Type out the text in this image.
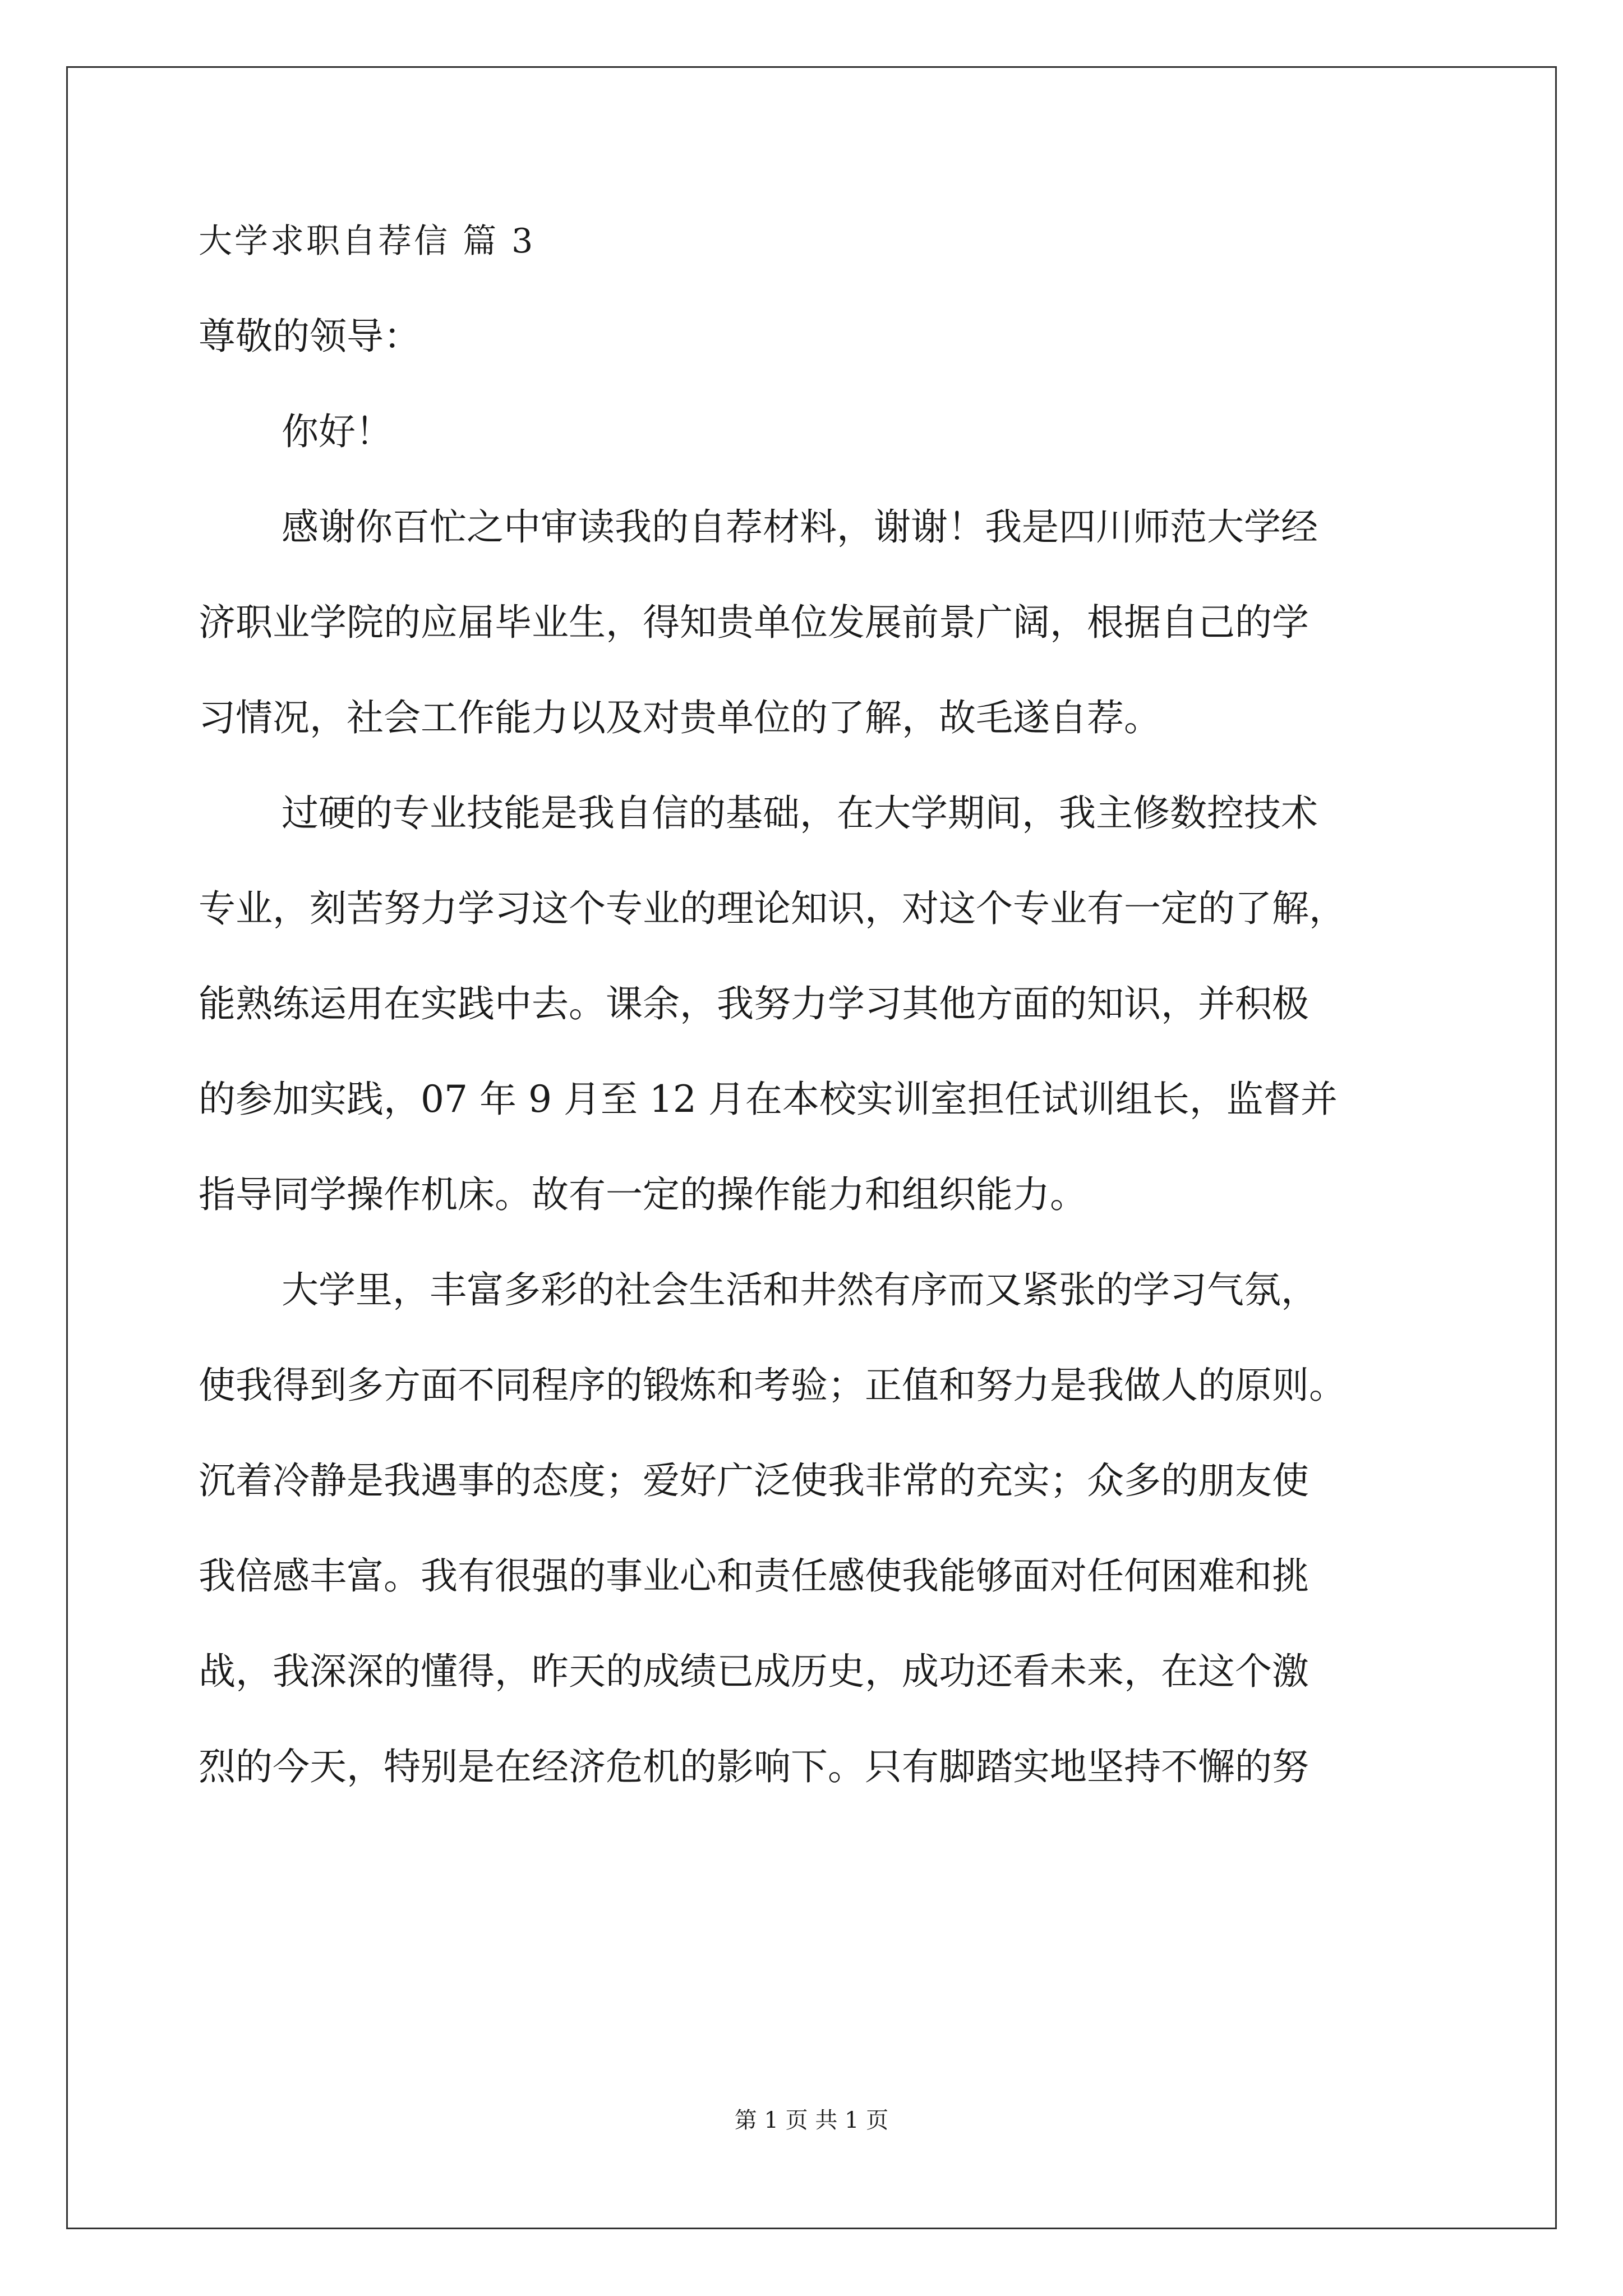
大学求职自荐信 篇 3

尊敬的领导：

你好！

感谢你百忙之中审读我的自荐材料，谢谢！我是四川师范大学经
济职业学院的应届毕业生，得知贵单位发展前景广阔，根据自己的学
习情况，社会工作能力以及对贵单位的了解，故毛遂自荐。
过硬的专业技能是我自信的基础，在大学期间，我主修数控技术
专业，刻苦努力学习这个专业的理论知识，对这个专业有一定的了解，
能熟练运用在实践中去。课余，我努力学习其他方面的知识，并积极
的参加实践，07 年 9 月至 12 月在本校实训室担任试训组长，监督并
指导同学操作机床。故有一定的操作能力和组织能力。
大学里，丰富多彩的社会生活和井然有序而又紧张的学习气氛，
使我得到多方面不同程序的锻炼和考验；正值和努力是我做人的原则。
沉着冷静是我遇事的态度；爱好广泛使我非常的充实；众多的朋友使
我倍感丰富。我有很强的事业心和责任感使我能够面对任何困难和挑
战，我深深的懂得，昨天的成绩已成历史，成功还看未来，在这个激
烈的今天，特别是在经济危机的影响下。只有脚踏实地坚持不懈的努
第 1 页 共 1 页
